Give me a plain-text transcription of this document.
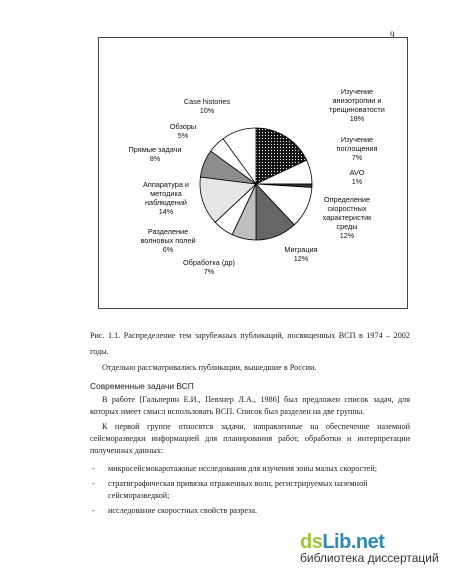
9
Изучение анизотропии и трещиноватости 18%
Изучение поглощения 7%
AVO 1%
Определение скоростных характеристик среды 12%
Миграция 12%
Обработка (др) 7%
Разделение волновых полей 6%
Аппаратура и методика наблюдений 14%
Прямые задачи 8%
Обзоры 5%
Case histories 10%
Рис. 1.1. Распределение тем зарубежных публикаций, посвященных ВСП в 1974 – 2002 годы.
Отдельно рассматривались публикации, вышедшие в России.
Современные задачи ВСП
В работе [Гальперин Е.И., Певзнер Л.А., 1986] был предложен список задач, для которых имеет смысл использовать ВСП. Список был разделен на две группы.
К первой группе относятся задачи, направленные на обеспечение наземной сейсморазведки информацией для планирования работ, обработки и интерпретации полученных данных:
- микросейсмокаротажные исследования для изучения зоны малых скоростей;
- стратиграфическая привязка отраженных волн, регистрируемых наземной
сейсморазведкой;
- исследование скоростных свойств разреза.
dsLib.net
библиотека диссертаций
